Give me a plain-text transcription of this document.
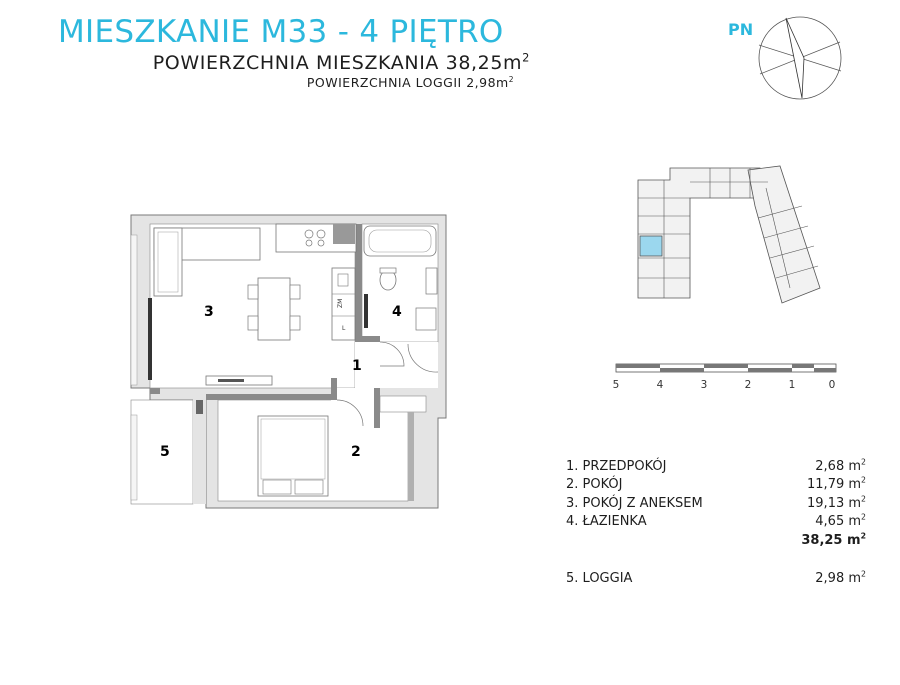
MIESZKANIE M33 - 4 PIĘTRO
POWIERZCHNIA MIESZKANIA $38,25m^2$
POWIERZCHNIA LOGGII $2,98m^2$
PN
ZM
L
3	4
1
2
5
5	4	3	2	1	0
1. PRZEDPOKÓJ	2,68 $m^2$
2. POKÓJ	11,79 $m^2$
3. POKÓJ Z ANEKSEM	19,13 $m^2$
4. ŁAZIENKA	4,65 $m^2$
38,25 $m^2$
5. LOGGIA	2,98 $m^2$
